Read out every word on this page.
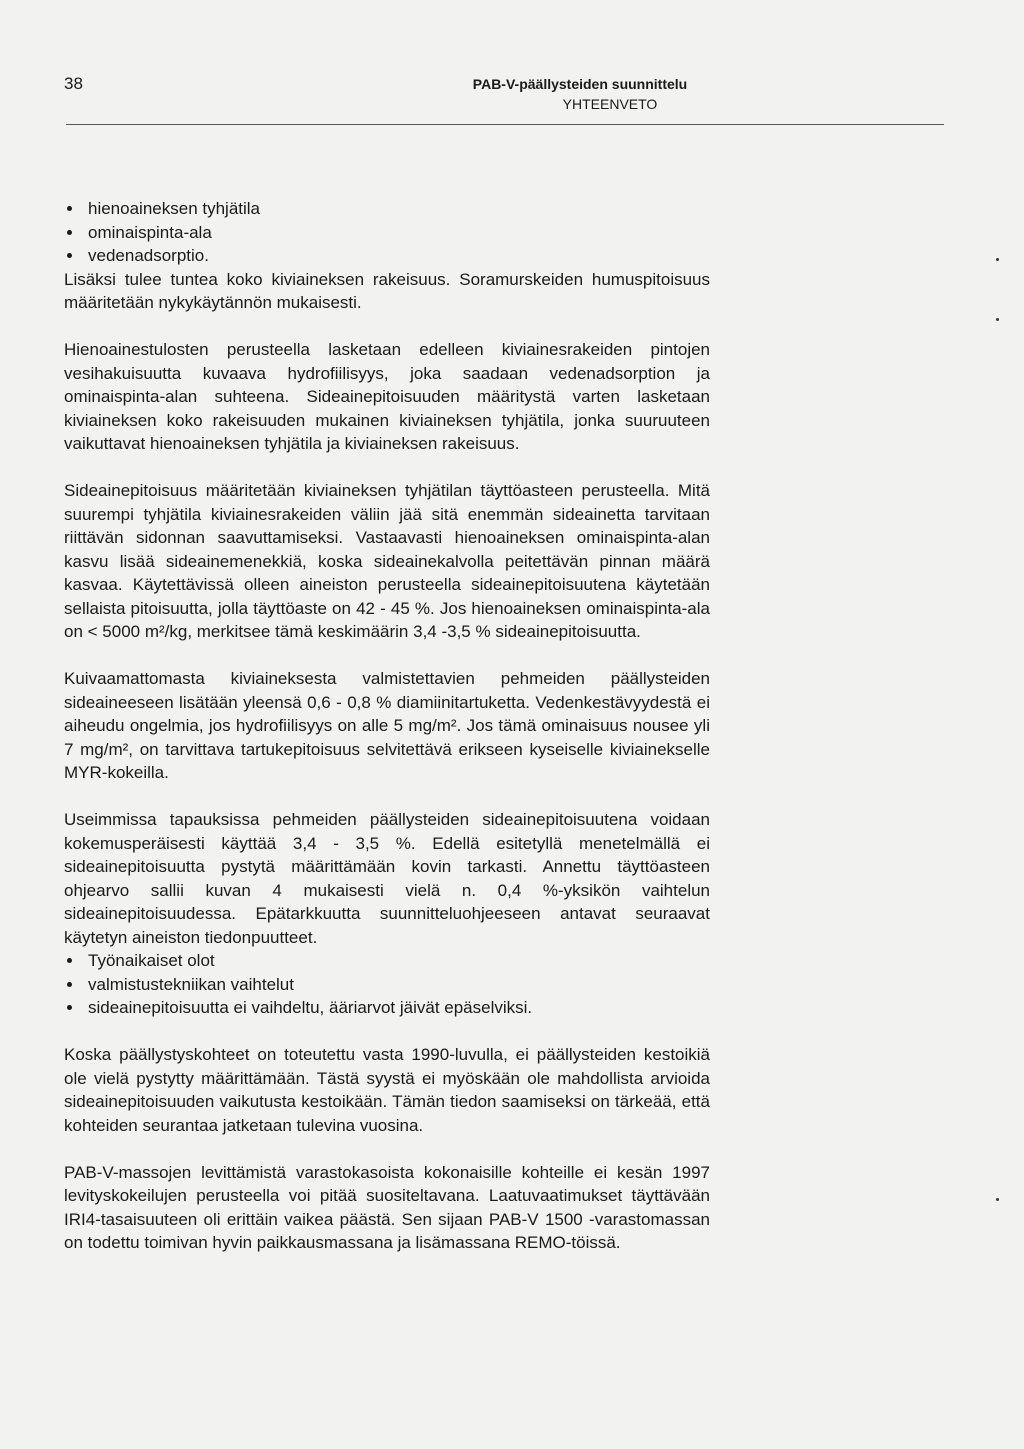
38	PAB-V-päällysteiden suunnittelu
YHTEENVETO
hienoaineksen tyhjätila
ominaispinta-ala
vedenadsorptio.

Lisäksi tulee tuntea koko kiviaineksen rakeisuus. Soramurskeiden humuspitoisuus määritetään nykykäytännön mukaisesti.

Hienoainestulosten perusteella lasketaan edelleen kiviainesrakeiden pintojen vesihakuisuutta kuvaava hydrofiilisyys, joka saadaan vedenadsorption ja ominaispinta-alan suhteena. Sideainepitoisuuden määritystä varten lasketaan kiviaineksen koko rakeisuuden mukainen kiviaineksen tyhjätila, jonka suuruuteen vaikuttavat hienoaineksen tyhjätila ja kiviaineksen rakeisuus.

Sideainepitoisuus määritetään kiviaineksen tyhjätilan täyttöasteen perusteella. Mitä suurempi tyhjätila kiviainesrakeiden väliin jää sitä enemmän sideainetta tarvitaan riittävän sidonnan saavuttamiseksi. Vastaavasti hienoaineksen ominaispinta-alan kasvu lisää sideainemenekkiä, koska sideainekalvolla peitettävän pinnan määrä kasvaa. Käytettävissä olleen aineiston perusteella sideainepitoisuutena käytetään sellaista pitoisuutta, jolla täyttöaste on 42 - 45 %. Jos hienoaineksen ominaispinta-ala on < 5000 m²/kg, merkitsee tämä keskimäärin 3,4 -3,5 % sideainepitoisuutta.

Kuivaamattomasta kiviaineksesta valmistettavien pehmeiden päällysteiden sideaineeseen lisätään yleensä 0,6 - 0,8 % diamiinitartuketta. Vedenkestävyydestä ei aiheudu ongelmia, jos hydrofiilisyys on alle 5 mg/m². Jos tämä ominaisuus nousee yli 7 mg/m², on tarvittava tartukepitoisuus selvitettävä erikseen kyseiselle kiviainekselle MYR-kokeilla.

Useimmissa tapauksissa pehmeiden päällysteiden sideainepitoisuutena voidaan kokemusperäisesti käyttää 3,4 - 3,5 %. Edellä esitetyllä menetelmällä ei sideainepitoisuutta pystytä määrittämään kovin tarkasti. Annettu täyttöasteen ohjearvo sallii kuvan 4 mukaisesti vielä n. 0,4 %-yksikön vaihtelun sideainepitoisuudessa. Epätarkkuutta suunnitteluohjeeseen antavat seuraavat käytetyn aineiston tiedonpuutteet.

Työnaikaiset olot
valmistustekniikan vaihtelut
sideainepitoisuutta ei vaihdeltu, ääriarvot jäivät epäselviksi.

Koska päällystyskohteet on toteutettu vasta 1990-luvulla, ei päällysteiden kestoikiä ole vielä pystytty määrittämään. Tästä syystä ei myöskään ole mahdollista arvioida sideainepitoisuuden vaikutusta kestoikään. Tämän tiedon saamiseksi on tärkeää, että kohteiden seurantaa jatketaan tulevina vuosina.

PAB-V-massojen levittämistä varastokasoista kokonaisille kohteille ei kesän 1997 levityskokeilujen perusteella voi pitää suositeltavana. Laatuvaatimukset täyttävään IRI4-tasaisuuteen oli erittäin vaikea päästä. Sen sijaan PAB-V 1500 -varastomassan on todettu toimivan hyvin paikkausmassana ja lisämassana REMO-töissä.
